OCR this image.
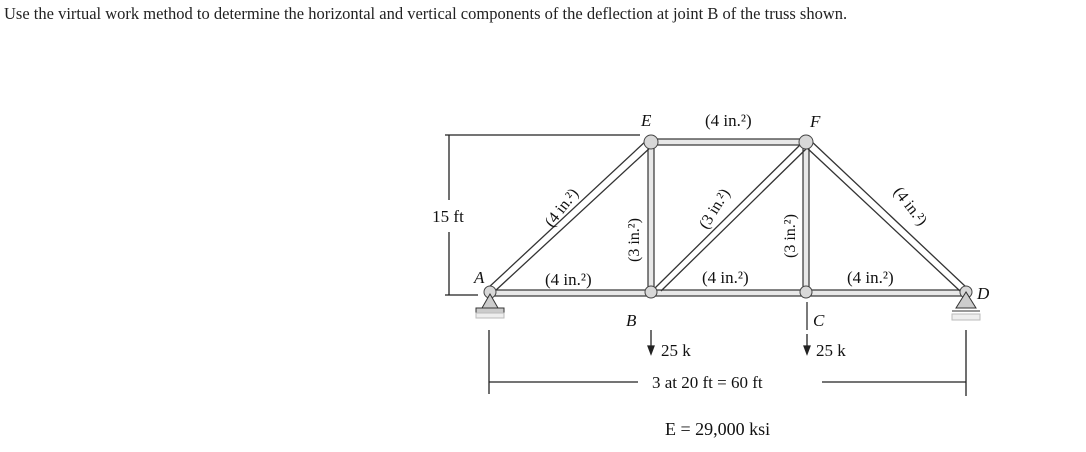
Use the virtual work method to determine the horizontal and vertical components of the deflection at joint B of the truss shown.
15 ft
E	F
A
B	C
D
(4 in.²)
(4 in.²)	(4 in.²)	(4 in.²)
(4 in.²)
(3 in.²)
(3 in.²)
(3 in.²)
(4 in.²)
25 k	25 k
3 at 20 ft = 60 ft
E = 29,000 ksi
